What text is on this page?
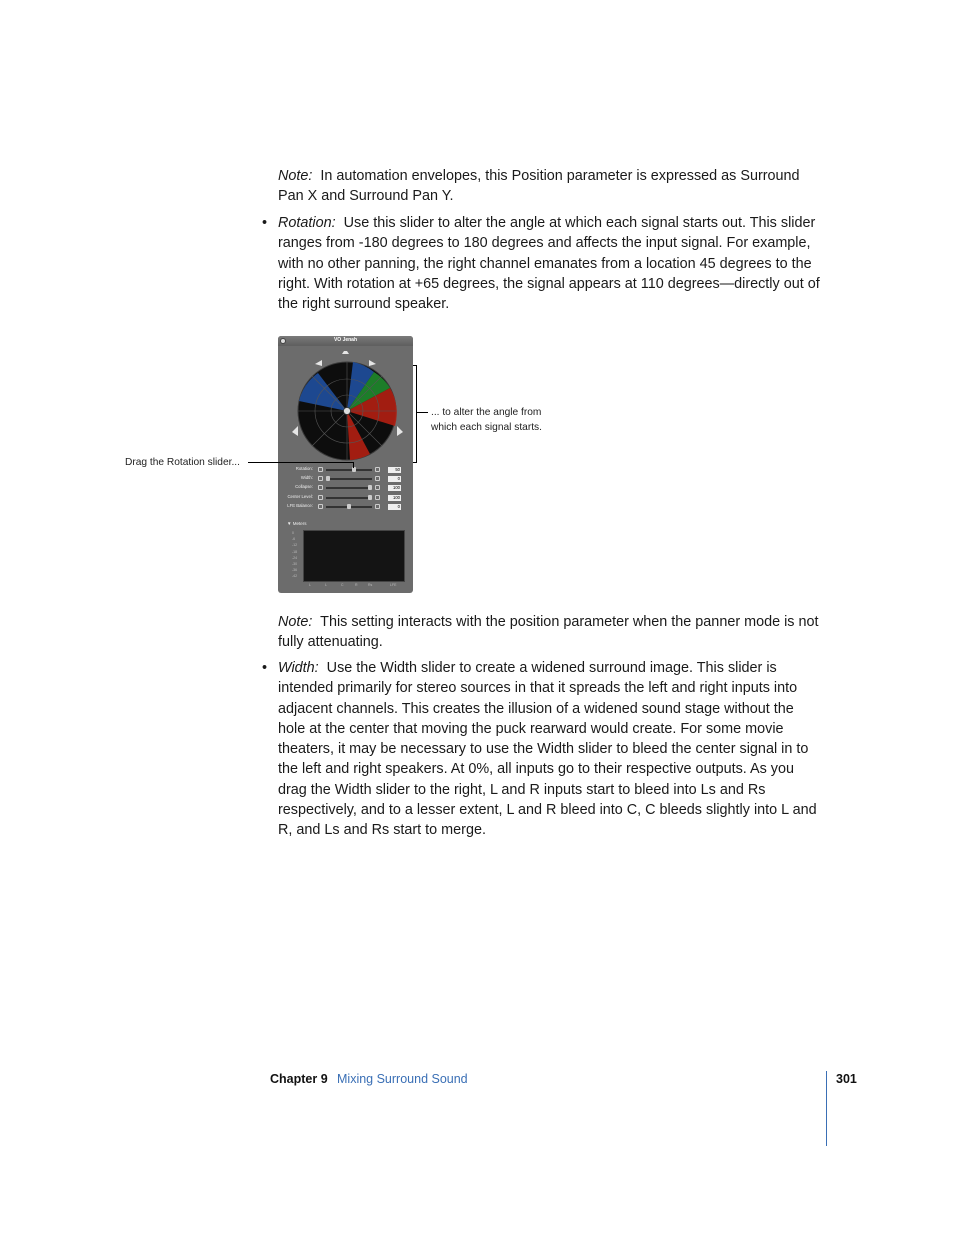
Note: In automation envelopes, this Position parameter is expressed as Surround Pan X and Surround Pan Y.
• Rotation: Use this slider to alter the angle at which each signal starts out. This slider ranges from -180 degrees to 180 degrees and affects the input signal. For example, with no other panning, the right channel emanates from a location 45 degrees to the right. With rotation at +65 degrees, the signal appears at 110 degrees—directly out of the right surround speaker.
VO Jenah
Rotation:	50
Width:	0
Collapse:	100
Center Level:	100
LFE Balance:	0
▼ Meters
0
-6
-12
-18
-24
-30
-36
-42
L	L	C	R	Rs	LFE
Drag the Rotation slider...
... to alter the angle from
which each signal starts.
Note: This setting interacts with the position parameter when the panner mode is not fully attenuating.
• Width: Use the Width slider to create a widened surround image. This slider is intended primarily for stereo sources in that it spreads the left and right inputs into adjacent channels. This creates the illusion of a widened sound stage without the hole at the center that moving the puck rearward would create. For some movie theaters, it may be necessary to use the Width slider to bleed the center signal in to the left and right speakers. At 0%, all inputs go to their respective outputs. As you drag the Width slider to the right, L and R inputs start to bleed into Ls and Rs respectively, and to a lesser extent, L and R bleed into C, C bleeds slightly into L and R, and Ls and Rs start to merge.
Chapter 9 Mixing Surround Sound	301
